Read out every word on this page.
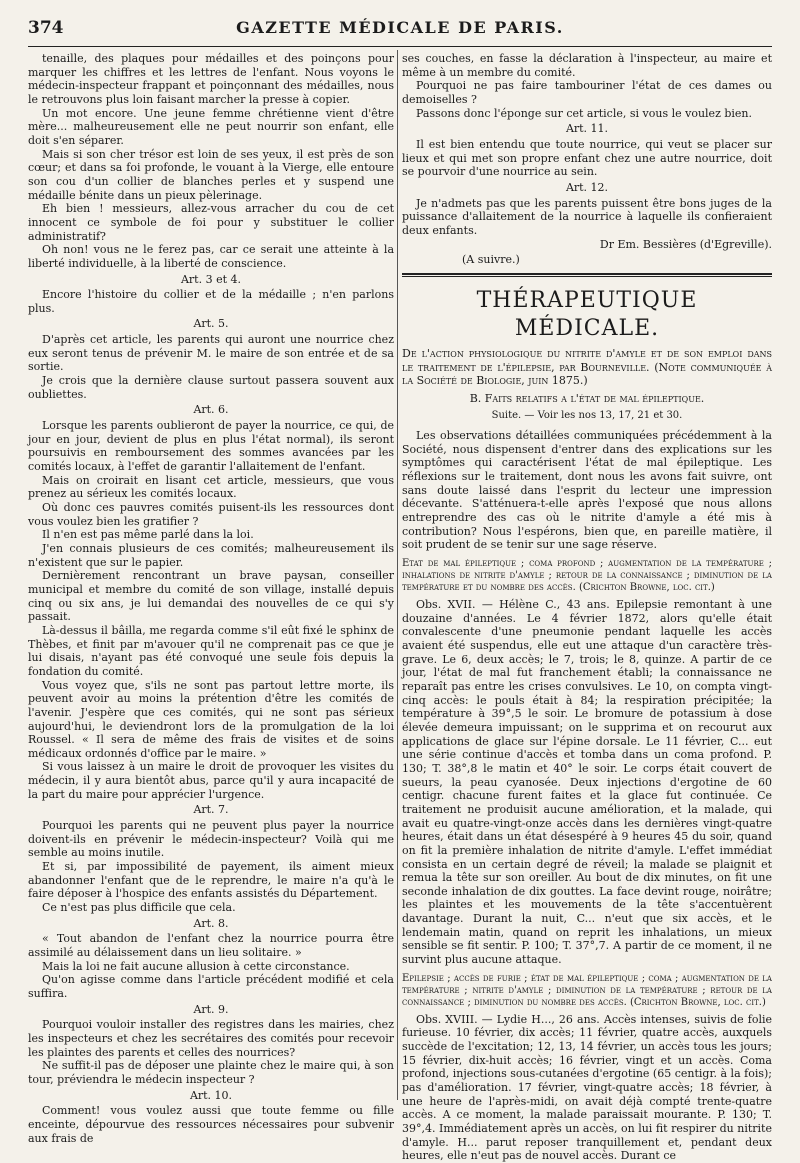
374	GAZETTE MÉDICALE DE PARIS.

tenaille, des plaques pour médailles et des poinçons pour marquer les chiffres et les lettres de l'enfant. Nous voyons le médecin-inspecteur frappant et poinçonnant des médailles, nous le retrouvons plus loin faisant marcher la presse à copier.

Un mot encore. Une jeune femme chrétienne vient d'être mère... malheureusement elle ne peut nourrir son enfant, elle doit s'en séparer.

Mais si son cher trésor est loin de ses yeux, il est près de son cœur; et dans sa foi profonde, le vouant à la Vierge, elle entoure son cou d'un collier de blanches perles et y suspend une médaille bénite dans un pieux pèlerinage.

Eh bien ! messieurs, allez-vous arracher du cou de cet innocent ce symbole de foi pour y substituer le collier administratif?

Oh non! vous ne le ferez pas, car ce serait une atteinte à la liberté individuelle, à la liberté de conscience.

Art. 3 et 4.

Encore l'histoire du collier et de la médaille ; n'en parlons plus.

Art. 5.

D'après cet article, les parents qui auront une nourrice chez eux seront tenus de prévenir M. le maire de son entrée et de sa sortie.

Je crois que la dernière clause surtout passera souvent aux oubliettes.

Art. 6.

Lorsque les parents oublieront de payer la nourrice, ce qui, de jour en jour, devient de plus en plus l'état normal), ils seront poursuivis en remboursement des sommes avancées par les comités locaux, à l'effet de garantir l'allaitement de l'enfant.

Mais on croirait en lisant cet article, messieurs, que vous prenez au sérieux les comités locaux.

Où donc ces pauvres comités puisent-ils les ressources dont vous voulez bien les gratifier ?

Il n'en est pas même parlé dans la loi.

J'en connais plusieurs de ces comités; malheureusement ils n'existent que sur le papier.

Dernièrement rencontrant un brave paysan, conseiller municipal et membre du comité de son village, installé depuis cinq ou six ans, je lui demandai des nouvelles de ce qui s'y passait.

Là-dessus il bâilla, me regarda comme s'il eût fixé le sphinx de Thèbes, et finit par m'avouer qu'il ne comprenait pas ce que je lui disais, n'ayant pas été convoqué une seule fois depuis la fondation du comité.

Vous voyez que, s'ils ne sont pas partout lettre morte, ils peuvent avoir au moins la prétention d'être les comités de l'avenir. J'espère que ces comités, qui ne sont pas sérieux aujourd'hui, le deviendront lors de la promulgation de la loi Roussel. « Il sera de même des frais de visites et de soins médicaux ordonnés d'office par le maire. »

Si vous laissez à un maire le droit de provoquer les visites du médecin, il y aura bientôt abus, parce qu'il y aura incapacité de la part du maire pour apprécier l'urgence.

Art. 7.

Pourquoi les parents qui ne peuvent plus payer la nourrice doivent-ils en prévenir le médecin-inspecteur? Voilà qui me semble au moins inutile.

Et si, par impossibilité de payement, ils aiment mieux abandonner l'enfant que de le reprendre, le maire n'a qu'à le faire déposer à l'hospice des enfants assistés du Département.

Ce n'est pas plus difficile que cela.

Art. 8.

« Tout abandon de l'enfant chez la nourrice pourra être assimilé au délaissement dans un lieu solitaire. »

Mais la loi ne fait aucune allusion à cette circonstance.

Qu'on agisse comme dans l'article précédent modifié et cela suffira.

Art. 9.

Pourquoi vouloir installer des registres dans les mairies, chez les inspecteurs et chez les secrétaires des comités pour recevoir les plaintes des parents et celles des nourrices?

Ne suffit-il pas de déposer une plainte chez le maire qui, à son tour, préviendra le médecin inspecteur ?

Art. 10.

Comment! vous voulez aussi que toute femme ou fille enceinte, dépourvue des ressources nécessaires pour subvenir aux frais de

ses couches, en fasse la déclaration à l'inspecteur, au maire et même à un membre du comité.

Pourquoi ne pas faire tambouriner l'état de ces dames ou demoiselles ?

Passons donc l'éponge sur cet article, si vous le voulez bien.

Art. 11.

Il est bien entendu que toute nourrice, qui veut se placer sur lieux et qui met son propre enfant chez une autre nourrice, doit se pourvoir d'une nourrice au sein.

Art. 12.

Je n'admets pas que les parents puissent être bons juges de la puissance d'allaitement de la nourrice à laquelle ils confieraient deux enfants.

Dr Em. Bessières (d'Egreville).

(A suivre.)

THÉRAPEUTIQUE MÉDICALE.

De l'action physiologique du nitrite d'amyle et de son emploi dans le traitement de l'épilepsie, par Bourneville. (Note communiquée à la Société de Biologie, juin 1875.)

B. Faits relatifs a l'état de mal épileptique.

Suite. — Voir les nos 13, 17, 21 et 30.

Les observations détaillées communiquées précédemment à la Société, nous dispensent d'entrer dans des explications sur les symptômes qui caractérisent l'état de mal épileptique. Les réflexions sur le traitement, dont nous les avons fait suivre, ont sans doute laissé dans l'esprit du lecteur une impression décevante. S'atténuera-t-elle après l'exposé que nous allons entreprendre des cas où le nitrite d'amyle a été mis à contribution? Nous l'espérons, bien que, en pareille matière, il soit prudent de se tenir sur une sage réserve.

Etat de mal épileptique ; coma profond ; augmentation de la température ; inhalations de nitrite d'amyle ; retour de la connaissance ; diminution de la température et du nombre des accès. (Crichton Browne, loc. cit.)

Obs. XVII. — Hélène C., 43 ans. Epilepsie remontant à une douzaine d'années. Le 4 février 1872, alors qu'elle était convalescente d'une pneumonie pendant laquelle les accès avaient été suspendus, elle eut une attaque d'un caractère très-grave. Le 6, deux accès; le 7, trois; le 8, quinze. A partir de ce jour, l'état de mal fut franchement établi; la connaissance ne reparaît pas entre les crises convulsives. Le 10, on compta vingt-cinq accès: le pouls était à 84; la respiration précipitée; la température à 39°,5 le soir. Le bromure de potassium à dose élevée demeura impuissant; on le supprima et on recourut aux applications de glace sur l'épine dorsale. Le 11 février, C... eut une série continue d'accès et tomba dans un coma profond. P. 130; T. 38°,8 le matin et 40° le soir. Le corps était couvert de sueurs, la peau cyanosée. Deux injections d'ergotine de 60 centigr. chacune furent faites et la glace fut continuée. Ce traitement ne produisit aucune amélioration, et la malade, qui avait eu quatre-vingt-onze accès dans les dernières vingt-quatre heures, était dans un état désespéré à 9 heures 45 du soir, quand on fit la première inhalation de nitrite d'amyle. L'effet immédiat consista en un certain degré de réveil; la malade se plaignit et remua la tête sur son oreiller. Au bout de dix minutes, on fit une seconde inhalation de dix gouttes. La face devint rouge, noirâtre; les plaintes et les mouvements de la tête s'accentuèrent davantage. Durant la nuit, C... n'eut que six accès, et le lendemain matin, quand on reprit les inhalations, un mieux sensible se fit sentir. P. 100; T. 37°,7. A partir de ce moment, il ne survint plus aucune attaque.

Epilepsie ; accès de furie ; état de mal épileptique ; coma ; augmentation de la température ; nitrite d'amyle ; diminution de la température ; retour de la connaissance ; diminution du nombre des accès. (Crichton Browne, loc. cit.)

Obs. XVIII. — Lydie H..., 26 ans. Accès intenses, suivis de folie furieuse. 10 février, dix accès; 11 février, quatre accès, auxquels succède de l'excitation; 12, 13, 14 février, un accès tous les jours; 15 février, dix-huit accès; 16 février, vingt et un accès. Coma profond, injections sous-cutanées d'ergotine (65 centigr. à la fois); pas d'amélioration. 17 février, vingt-quatre accès; 18 février, à une heure de l'après-midi, on avait déjà compté trente-quatre accès. A ce moment, la malade paraissait mourante. P. 130; T. 39°,4. Immédiatement après un accès, on lui fit respirer du nitrite d'amyle. H... parut reposer tranquillement et, pendant deux heures, elle n'eut pas de nouvel accès. Durant ce
